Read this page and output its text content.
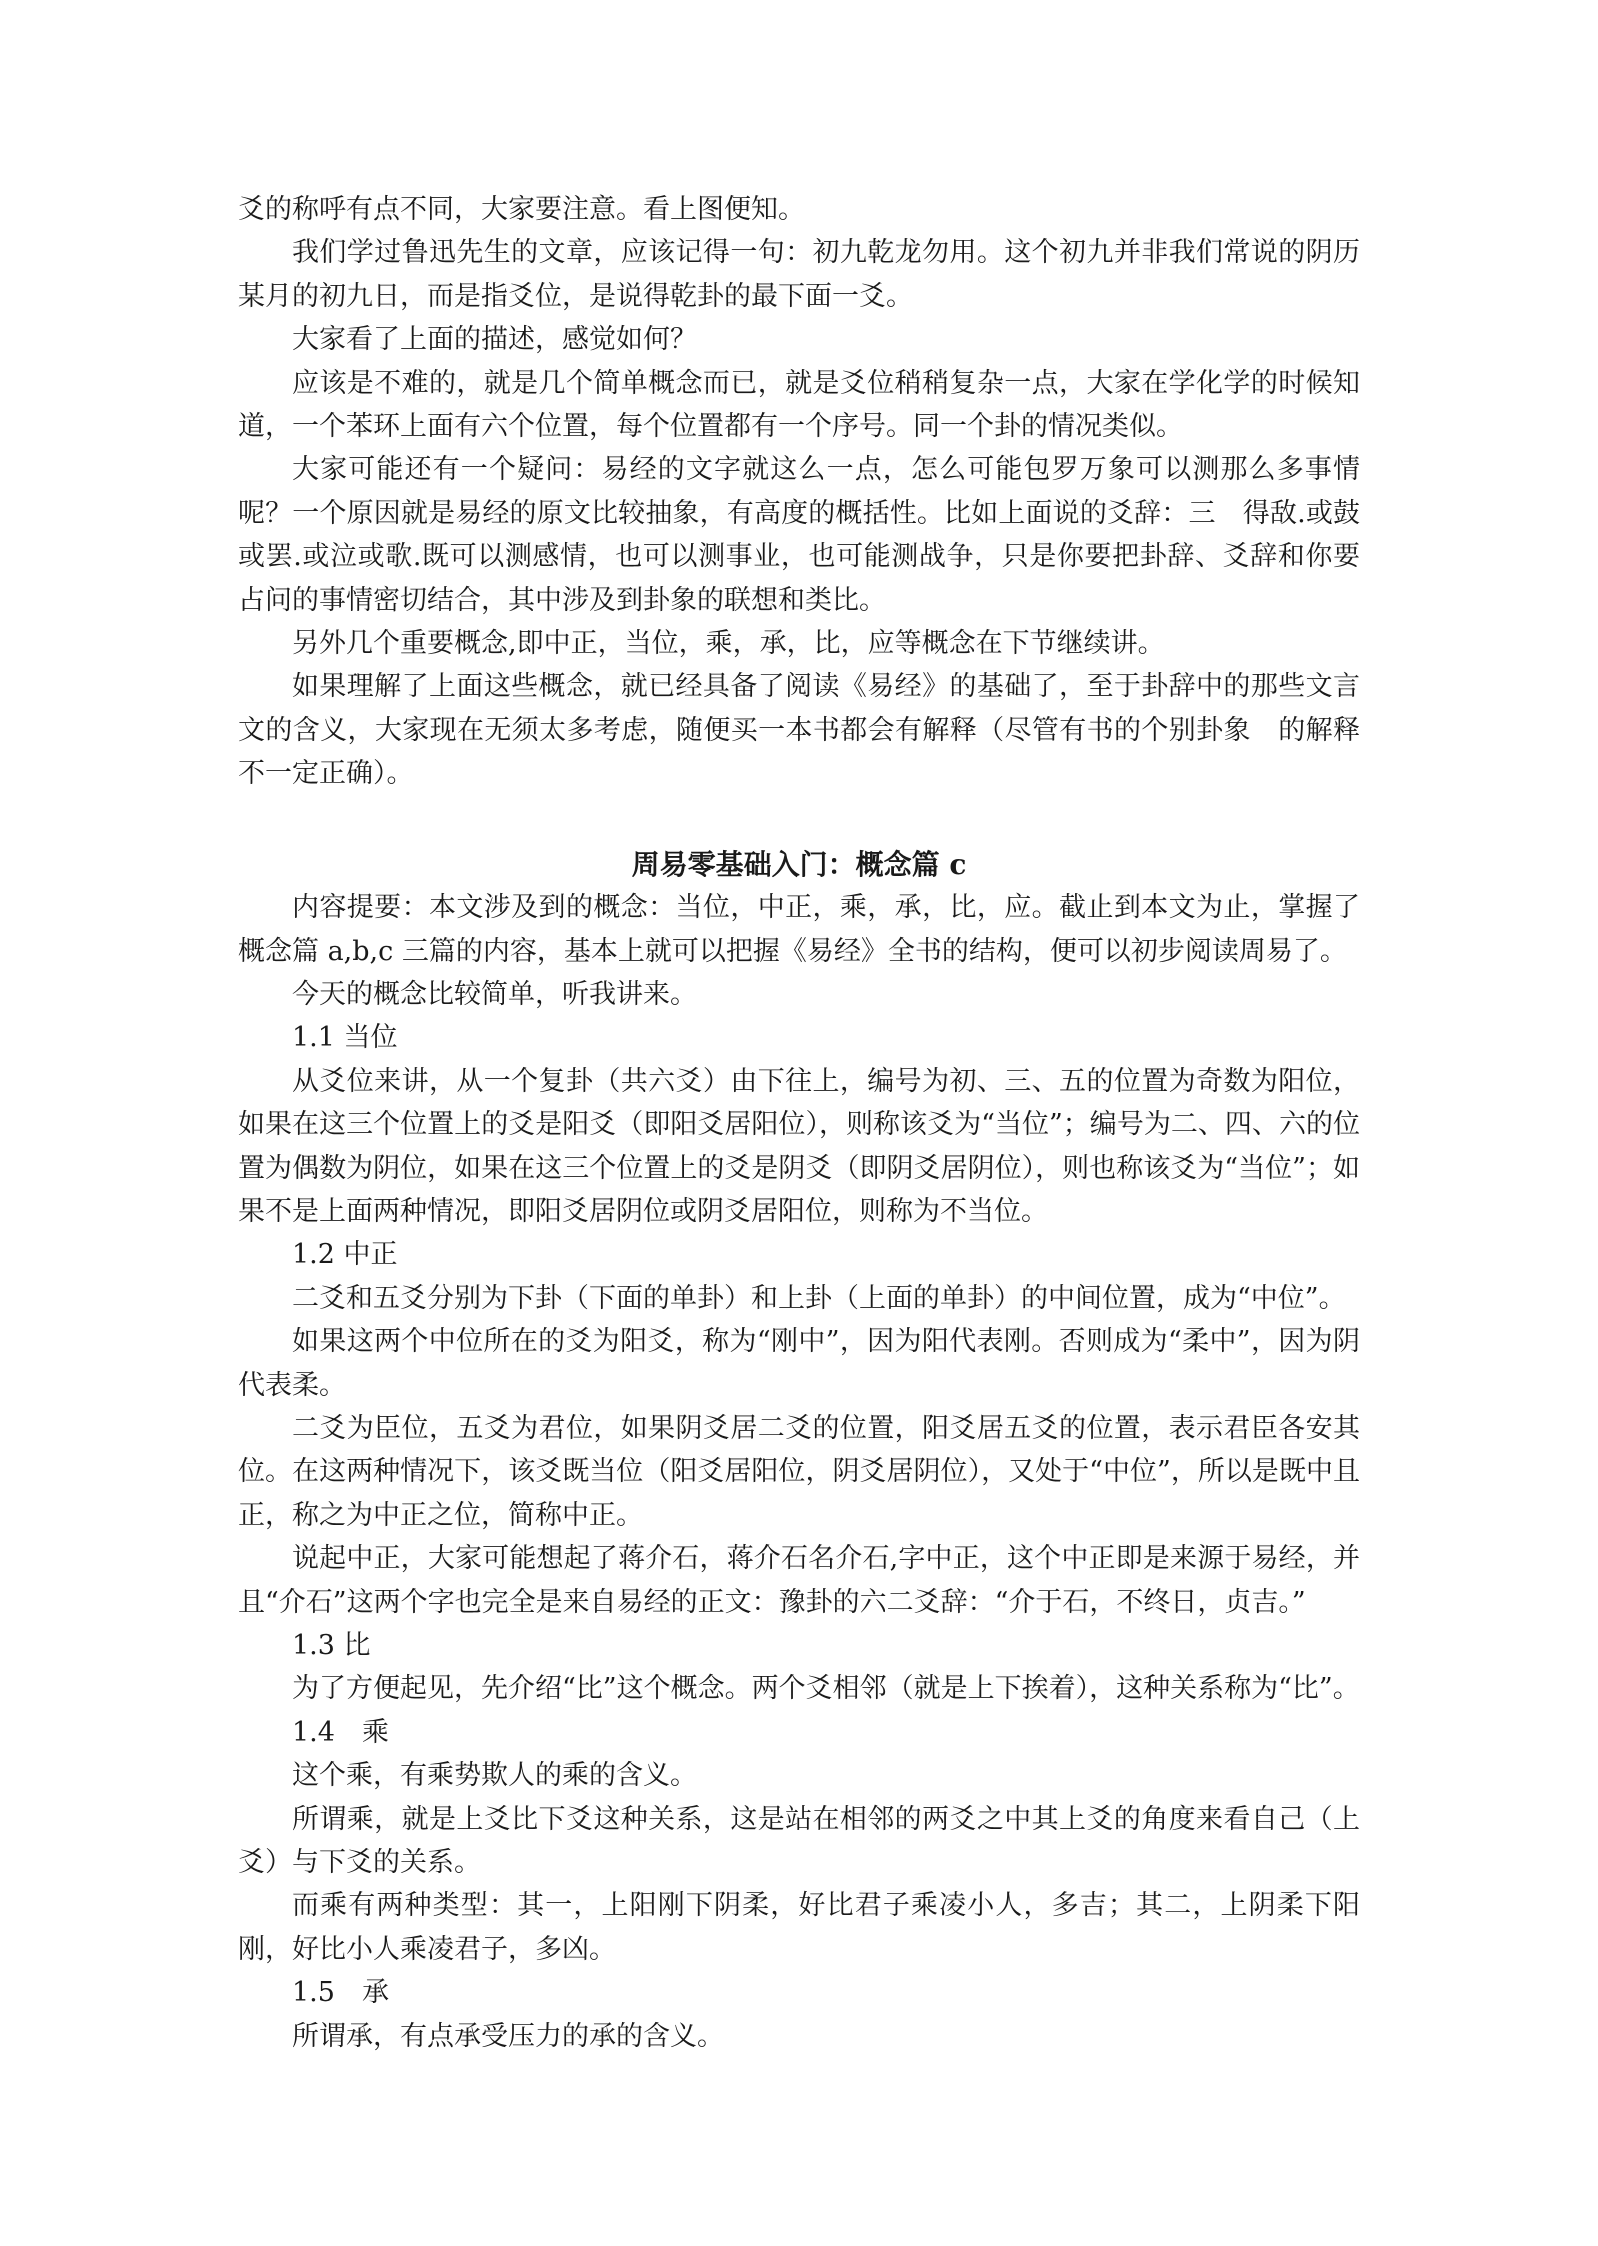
爻的称呼有点不同，大家要注意。看上图便知。

我们学过鲁迅先生的文章，应该记得一句：初九乾龙勿用。这个初九并非我们常说的阴历某月的初九日，而是指爻位，是说得乾卦的最下面一爻。

大家看了上面的描述，感觉如何？

应该是不难的，就是几个简单概念而已，就是爻位稍稍复杂一点，大家在学化学的时候知道，一个苯环上面有六个位置，每个位置都有一个序号。同一个卦的情况类似。

大家可能还有一个疑问：易经的文字就这么一点，怎么可能包罗万象可以测那么多事情呢？一个原因就是易经的原文比较抽象，有高度的概括性。比如上面说的爻辞：三　得敌.或鼓或罢.或泣或歌.既可以测感情，也可以测事业，也可能测战争，只是你要把卦辞、爻辞和你要占问的事情密切结合，其中涉及到卦象的联想和类比。

另外几个重要概念,即中正，当位，乘，承，比，应等概念在下节继续讲。

如果理解了上面这些概念，就已经具备了阅读《易经》的基础了，至于卦辞中的那些文言文的含义，大家现在无须太多考虑，随便买一本书都会有解释（尽管有书的个别卦象　的解释不一定正确）。

周易零基础入门：概念篇 c

内容提要：本文涉及到的概念：当位，中正，乘，承，比，应。截止到本文为止，掌握了概念篇 a,b,c 三篇的内容，基本上就可以把握《易经》全书的结构，便可以初步阅读周易了。

今天的概念比较简单，听我讲来。

1.1 当位

从爻位来讲，从一个复卦（共六爻）由下往上，编号为初、三、五的位置为奇数为阳位，如果在这三个位置上的爻是阳爻（即阳爻居阳位），则称该爻为“当位”；编号为二、四、六的位置为偶数为阴位，如果在这三个位置上的爻是阴爻（即阴爻居阴位），则也称该爻为“当位”；如果不是上面两种情况，即阳爻居阴位或阴爻居阳位，则称为不当位。

1.2 中正

二爻和五爻分别为下卦（下面的单卦）和上卦（上面的单卦）的中间位置，成为“中位”。

如果这两个中位所在的爻为阳爻，称为“刚中”，因为阳代表刚。否则成为“柔中”，因为阴代表柔。

二爻为臣位，五爻为君位，如果阴爻居二爻的位置，阳爻居五爻的位置，表示君臣各安其位。在这两种情况下，该爻既当位（阳爻居阳位，阴爻居阴位），又处于“中位”，所以是既中且正，称之为中正之位，简称中正。

说起中正，大家可能想起了蒋介石，蒋介石名介石,字中正，这个中正即是来源于易经，并且“介石”这两个字也完全是来自易经的正文：豫卦的六二爻辞：“介于石，不终日，贞吉。”

1.3 比

为了方便起见，先介绍“比”这个概念。两个爻相邻（就是上下挨着），这种关系称为“比”。

1.4　乘

这个乘，有乘势欺人的乘的含义。

所谓乘，就是上爻比下爻这种关系，这是站在相邻的两爻之中其上爻的角度来看自己（上爻）与下爻的关系。

而乘有两种类型：其一，上阳刚下阴柔，好比君子乘凌小人，多吉；其二，上阴柔下阳刚，好比小人乘凌君子，多凶。

1.5　承

所谓承，有点承受压力的承的含义。
